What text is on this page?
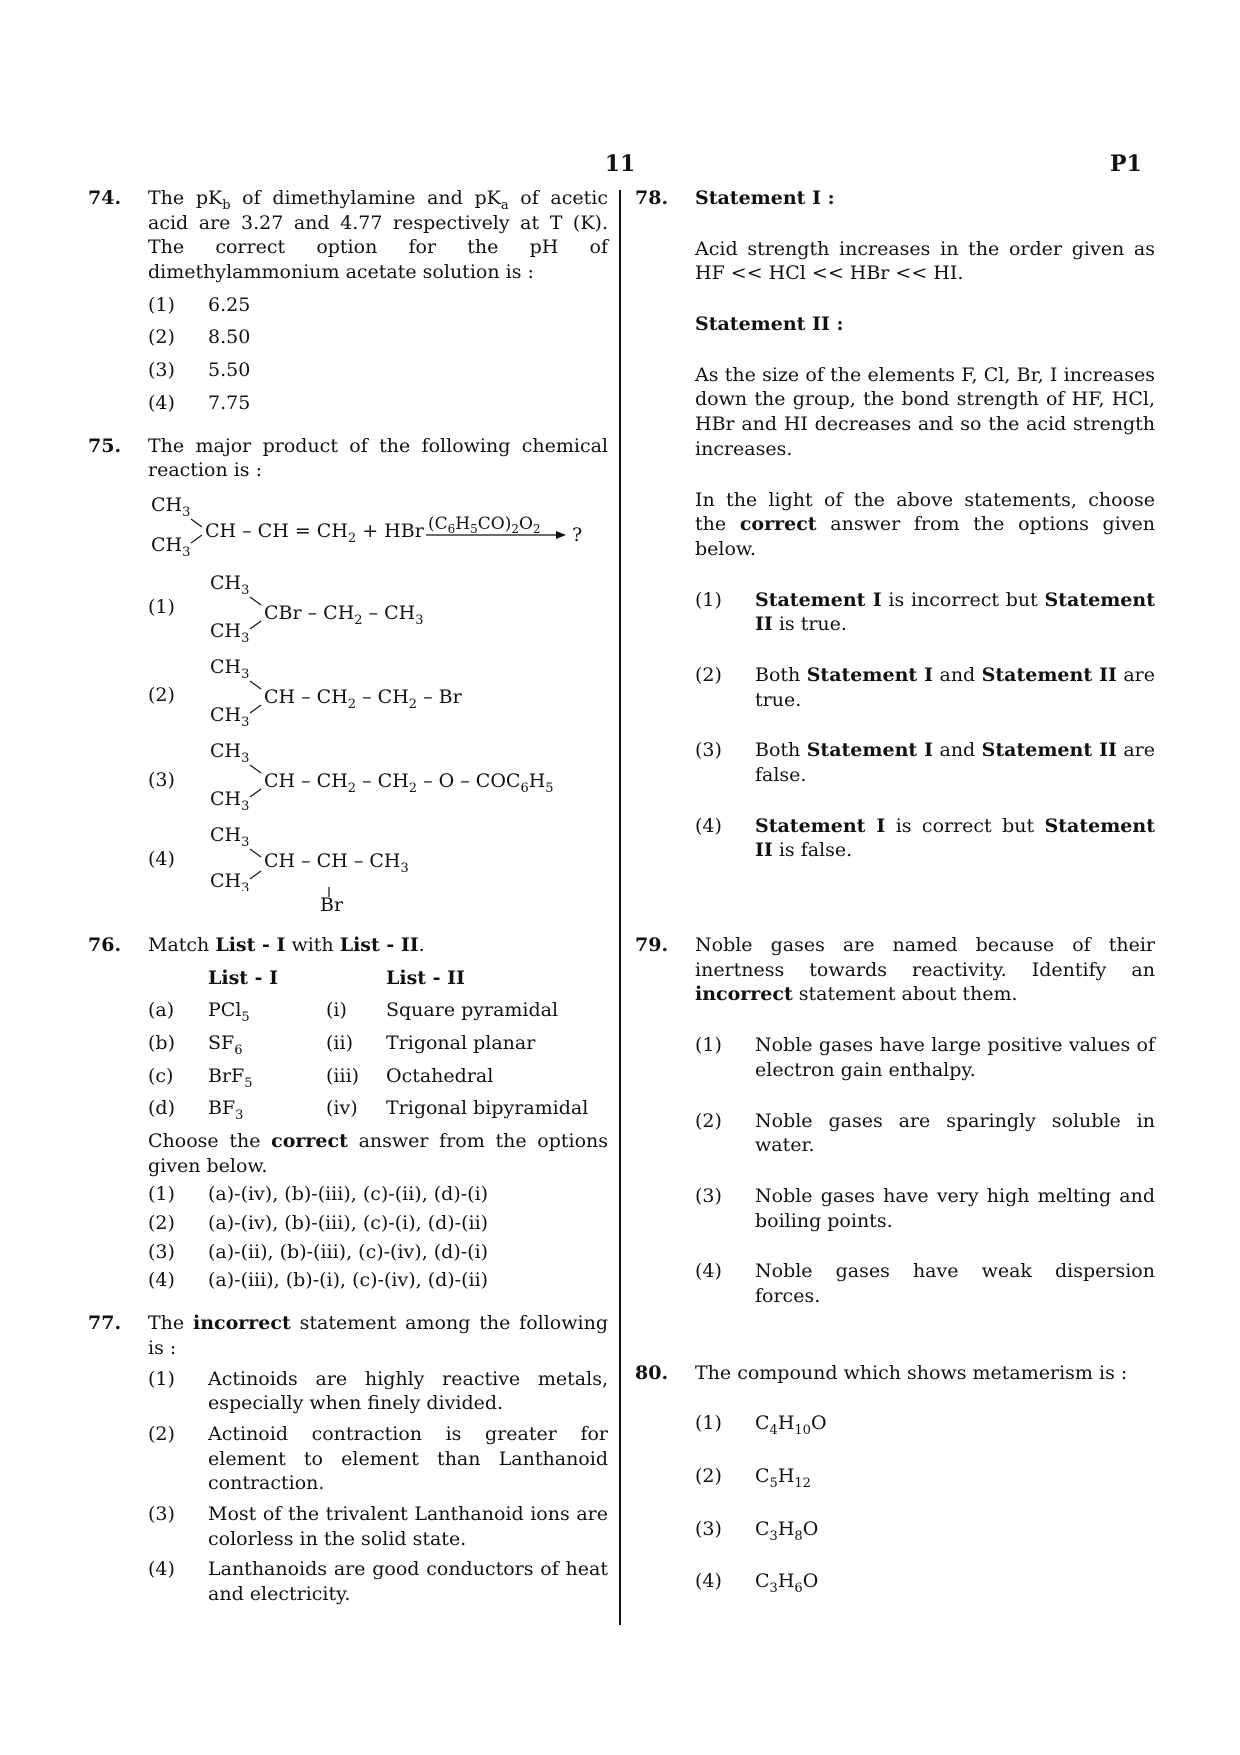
11	P1
74. The $pK_b$ of dimethylamine and $pK_a$ of acetic acid are 3.27 and 4.77 respectively at T (K). The correct option for the pH of dimethylammonium acetate solution is :
(1) 6.25
(2) 8.50
(3) 5.50
(4) 7.75
75. The major product of the following chemical reaction is :
$CH_3$
$CH_3$
CH – CH = $CH_2$ + HBr $(C_6H_5CO)_2O_2$ ?
(1)
$CH_3$
$CH_3$
CBr – $CH_2 - CH_3$
(2)
$CH_3$
$CH_3$
CH – $CH_2 - CH_2$ – Br
(3)
$CH_3$
$CH_3$
CH – $CH_2 - CH_2$ – O – $COC_6H_5$
(4)
$CH_3$
$CH_3$
CH – CH – $CH_3$
Br
76. Match List - I with List - II.
	List - I		List - II
(a)	PCl$_5$	(i)	Square pyramidal
(b)	$SF_6$	(ii)	Trigonal planar
(c)	BrF$_5$	(iii)	Octahedral
(d)	$BF_3$	(iv)	Trigonal bipyramidal
Choose the correct answer from the options given below.
(1) (a)-(iv), (b)-(iii), (c)-(ii), (d)-(i)
(2) (a)-(iv), (b)-(iii), (c)-(i), (d)-(ii)
(3) (a)-(ii), (b)-(iii), (c)-(iv), (d)-(i)
(4) (a)-(iii), (b)-(i), (c)-(iv), (d)-(ii)
77. The incorrect statement among the following is :
(1) Actinoids are highly reactive metals, especially when finely divided.
(2) Actinoid contraction is greater for element to element than Lanthanoid contraction.
(3) Most of the trivalent Lanthanoid ions are colorless in the solid state.
(4) Lanthanoids are good conductors of heat and electricity.
78. Statement I :
Acid strength increases in the order given as HF << HCl << HBr << HI.
Statement II :
As the size of the elements F, Cl, Br, I increases down the group, the bond strength of HF, HCl, HBr and HI decreases and so the acid strength increases.
In the light of the above statements, choose the correct answer from the options given below.
(1) Statement I is incorrect but Statement II is true.
(2) Both Statement I and Statement II are true.
(3) Both Statement I and Statement II are false.
(4) Statement I is correct but Statement II is false.
79. Noble gases are named because of their inertness towards reactivity. Identify an incorrect statement about them.
(1) Noble gases have large positive values of electron gain enthalpy.
(2) Noble gases are sparingly soluble in water.
(3) Noble gases have very high melting and boiling points.
(4) Noble gases have weak dispersion forces.
80. The compound which shows metamerism is :
(1) $C_4H_{10}O$
(2) $C_5H_{12}$
(3) $C_3H_8O$
(4) $C_3H_6O$
